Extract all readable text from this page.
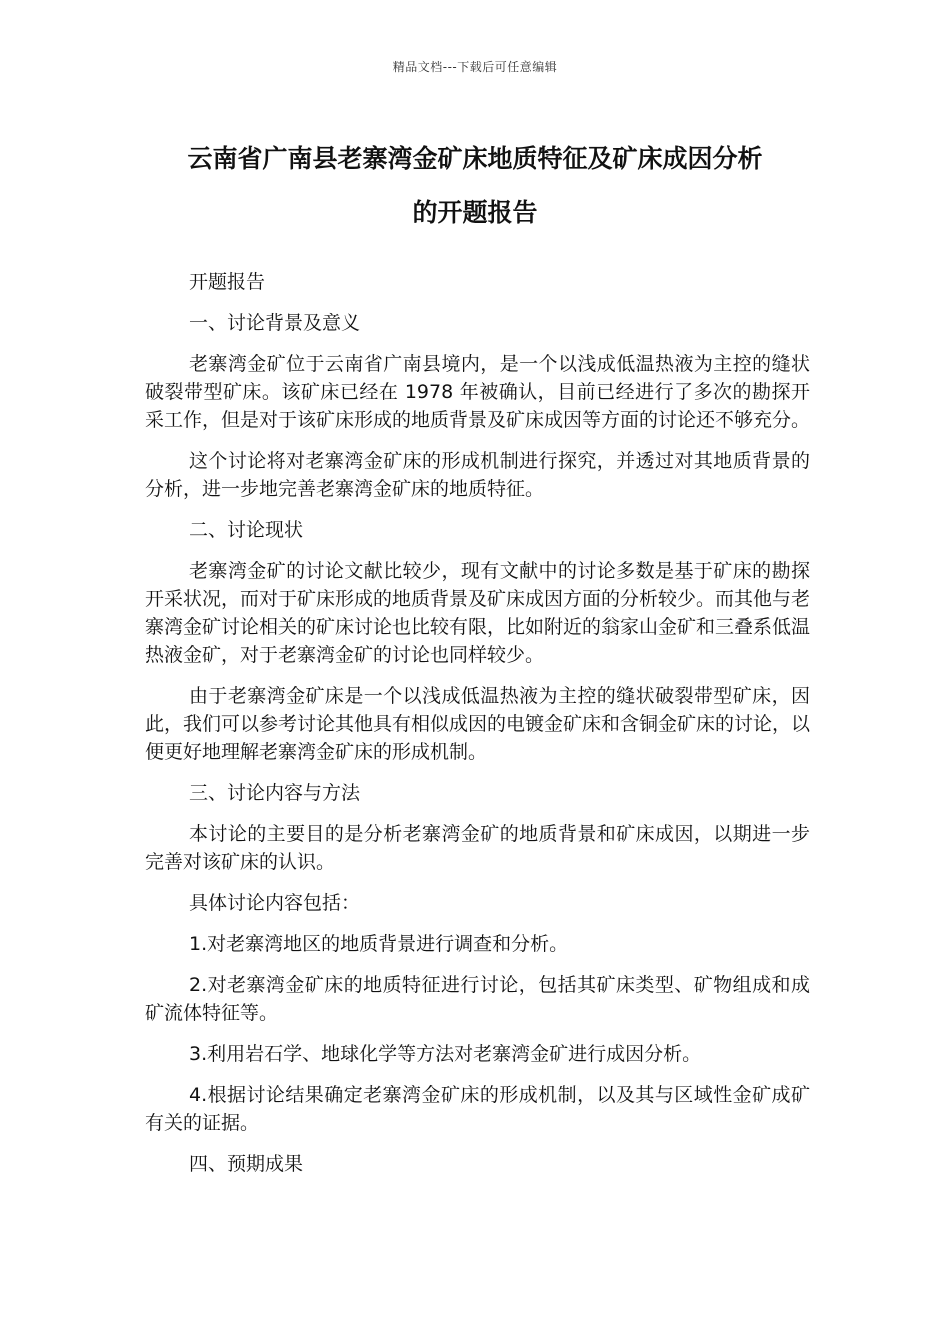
精品文档---下载后可任意编辑
云南省广南县老寨湾金矿床地质特征及矿床成因分析
的开题报告

开题报告

一、讨论背景及意义

老寨湾金矿位于云南省广南县境内，是一个以浅成低温热液为主控的缝状破裂带型矿床。该矿床已经在 1978 年被确认，目前已经进行了多次的勘探开采工作，但是对于该矿床形成的地质背景及矿床成因等方面的讨论还不够充分。

这个讨论将对老寨湾金矿床的形成机制进行探究，并透过对其地质背景的分析，进一步地完善老寨湾金矿床的地质特征。

二、讨论现状

老寨湾金矿的讨论文献比较少，现有文献中的讨论多数是基于矿床的勘探开采状况，而对于矿床形成的地质背景及矿床成因方面的分析较少。而其他与老寨湾金矿讨论相关的矿床讨论也比较有限，比如附近的翁家山金矿和三叠系低温热液金矿，对于老寨湾金矿的讨论也同样较少。

由于老寨湾金矿床是一个以浅成低温热液为主控的缝状破裂带型矿床，因此，我们可以参考讨论其他具有相似成因的电镀金矿床和含铜金矿床的讨论，以便更好地理解老寨湾金矿床的形成机制。

三、讨论内容与方法

本讨论的主要目的是分析老寨湾金矿的地质背景和矿床成因，以期进一步完善对该矿床的认识。

具体讨论内容包括：

1.对老寨湾地区的地质背景进行调查和分析。

2.对老寨湾金矿床的地质特征进行讨论，包括其矿床类型、矿物组成和成矿流体特征等。

3.利用岩石学、地球化学等方法对老寨湾金矿进行成因分析。

4.根据讨论结果确定老寨湾金矿床的形成机制，以及其与区域性金矿成矿有关的证据。

四、预期成果
